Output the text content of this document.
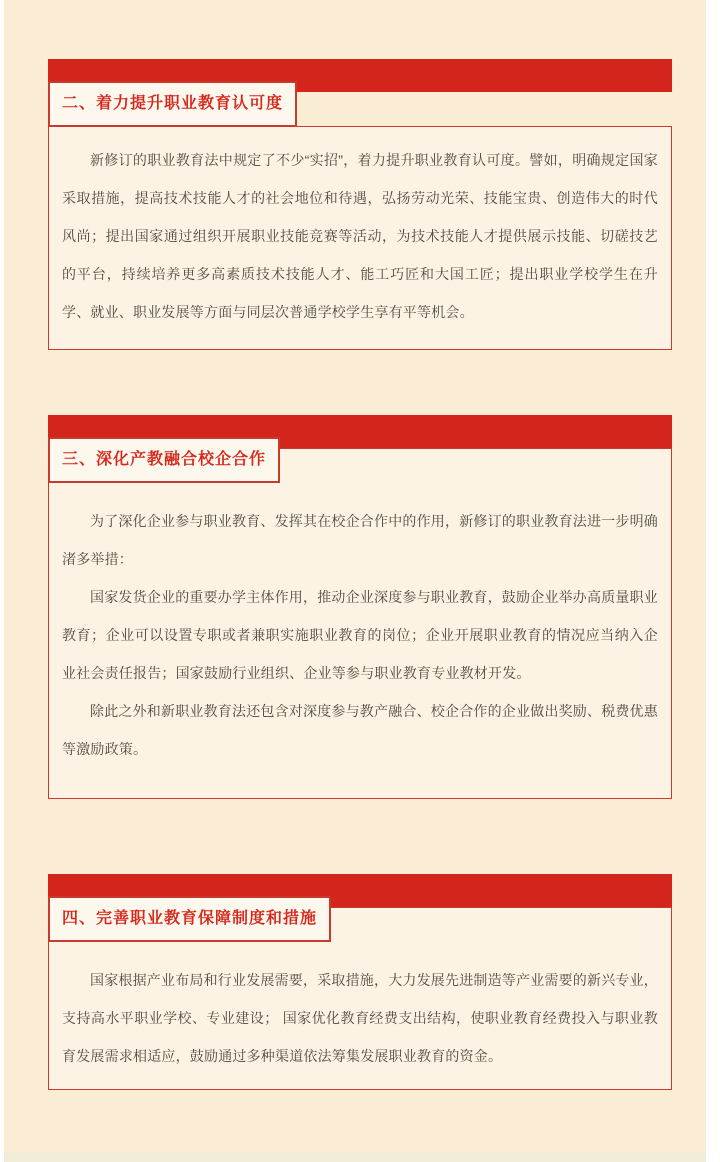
二、着力提升职业教育认可度

新修订的职业教育法中规定了不少“实招”，着力提升职业教育认可度。譬如，明确规定国家采取措施，提高技术技能人才的社会地位和待遇，弘扬劳动光荣、技能宝贵、创造伟大的时代风尚；提出国家通过组织开展职业技能竞赛等活动，为技术技能人才提供展示技能、切磋技艺的平台，持续培养更多高素质技术技能人才、能工巧匠和大国工匠；提出职业学校学生在升学、就业、职业发展等方面与同层次普通学校学生享有平等机会。

三、深化产教融合校企合作

为了深化企业参与职业教育、发挥其在校企合作中的作用，新修订的职业教育法进一步明确渚多举措：

国家发货企业的重要办学主体作用，推动企业深度参与职业教育，鼓励企业举办高质量职业教育；企业可以设置专职或者兼职实施职业教育的岗位；企业开展职业教育的情况应当纳入企业社会责任报告；国家鼓励行业组织、企业等参与职业教育专业教材开发。

除此之外和新职业教育法还包含对深度参与教产融合、校企合作的企业做出奖励、税费优惠等激励政策。

四、完善职业教育保障制度和措施

国家根据产业布局和行业发展需要，采取措施，大力发展先进制造等产业需要的新兴专业，支持高水平职业学校、专业建设； 国家优化教育经费支出结构，使职业教育经费投入与职业教育发展需求相适应，鼓励通过多种渠道依法筹集发展职业教育的资金。
